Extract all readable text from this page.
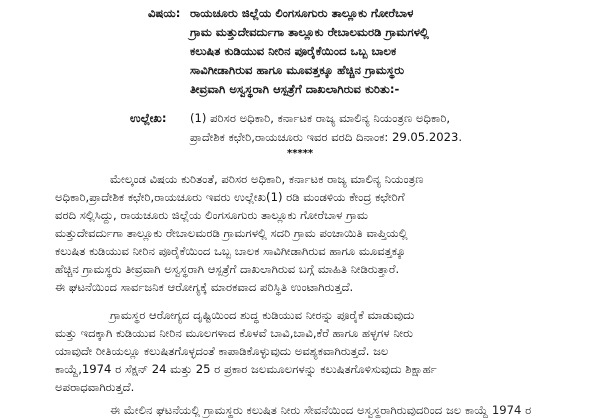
ವಿಷಯ: ರಾಯಚೂರು ಜಿಲ್ಲೆಯ ಲಿಂಗಸೂಗುರು ತಾಲ್ಲೂಕು ಗೋರೆಬಾಳ
ಗ್ರಾಮ ಮತ್ತುದೇವರ್ದುಗಾ ತಾಲ್ಲೂಕು ರೇಬಾಲಮರಡಿ ಗ್ರಾಮಗಳಲ್ಲಿ
ಕಲುಷಿತ ಕುಡಿಯುವ ನೀರಿನ ಪೂರೈಕೆಯಿಂದ ಒಬ್ಬ ಬಾಲಕ
ಸಾವಿಗೀಡಾಗಿರುವ ಹಾಗೂ ಮೂವತ್ತಕ್ಕೂ ಹೆಚ್ಚಿನ ಗ್ರಾಮಸ್ಥರು
ತೀವ್ರವಾಗಿ ಅಸ್ವಸ್ಥರಾಗಿ ಆಸ್ಪತ್ರೆಗೆ ದಾಖಲಾಗಿರುವ ಕುರಿತು:-
ಉಲ್ಲೇಖ: (1) ಪರಿಸರ ಅಧಿಕಾರಿ, ಕರ್ನಾಟಕ ರಾಜ್ಯ ಮಾಲಿನ್ಯ ನಿಯಂತ್ರಣ ಅಧಿಕಾರಿ,
ಪ್ರಾದೇಶಿಕ ಕಛೇರಿ,ರಾಯಚೂರು ಇವರ ವರದಿ ದಿನಾಂಕ: 29.05.2023.
*****
ಮೇಲ್ಕಂಡ ವಿಷಯ ಕುರಿತಂತೆ, ಪರಿಸರ ಅಧಿಕಾರಿ, ಕರ್ನಾಟಕ ರಾಜ್ಯ ಮಾಲಿನ್ಯ ನಿಯಂತ್ರಣ
ಅಧಿಕಾರಿ,ಪ್ರಾದೇಶಿಕ ಕಛೇರಿ,ರಾಯಚೂರು ಇವರು ಉಲ್ಲೇಖ(1) ರಡಿ ಮಂಡಳಿಯ ಕೇಂದ್ರ ಕಛೇರಿಗೆ
ವರದಿ ಸಲ್ಲಿಸಿದ್ದು, ರಾಯಚೂರು ಜಿಲ್ಲೆಯ ಲಿಂಗಸೂಗುರು ತಾಲ್ಲೂಕು ಗೋರೆಬಾಳ ಗ್ರಾಮ
ಮತ್ತುದೇವರ್ದುಗಾ ತಾಲ್ಲೂಕು ರೇಬಾಲಮರಡಿ ಗ್ರಾಮಗಳಲ್ಲಿ ಸದರಿ ಗ್ರಾಮ ಪಂಚಾಯಿತಿ ವಾಪ್ತಿಯಲ್ಲಿ
ಕಲುಷಿತ ಕುಡಿಯುವ ನೀರಿನ ಪೂರೈಕೆಯಿಂದ ಒಬ್ಬ ಬಾಲಕ ಸಾವಿಗೀಡಾಗಿರುವ ಹಾಗೂ ಮೂವತ್ತಕ್ಕೂ
ಹೆಚ್ಚಿನ ಗ್ರಾಮಸ್ಥರು ತೀವ್ರವಾಗಿ ಅಸ್ವಸ್ಥರಾಗಿ ಆಸ್ಪತ್ರೆಗೆ ದಾಖಲಾಗಿರುವ ಬಗ್ಗೆ ಮಾಹಿತಿ ನೀಡಿರುತ್ತಾರೆ.
ಈ ಘಟನೆಯಿಂದ ಸಾರ್ವಜನಿಕ ಆರೋಗ್ಯಕ್ಕೆ ಮಾರಕವಾದ ಪರಿಸ್ಥಿತಿ ಉಂಟಾಗಿರುತ್ತದೆ.
ಗ್ರಾಮಸ್ಥರ ಆರೋಗ್ಯದ ದೃಷ್ಟಿಯಿಂದ ಶುದ್ಧ ಕುಡಿಯುವ ನೀರನ್ನು ಪೂರೈಕೆ ಮಾಡುವುದು
ಮತ್ತು ಇದಕ್ಕಾಗಿ ಕುಡಿಯುವ ನೀರಿನ ಮೂಲಗಳಾದ ಕೊಳವೆ ಬಾವಿ,ಬಾವಿ,ಕೆರೆ ಹಾಗೂ ಹಳ್ಳಗಳ ನೀರು
ಯಾವುದೇ ರೀತಿಯಲ್ಲೂ ಕಲುಷಿತಗೊಳ್ಳದಂತೆ ಕಾಪಾಡಿಕೊಳ್ಳುವುದು ಅವಶ್ಯಕವಾಗಿರುತ್ತದೆ. ಜಲ
ಕಾಯ್ದೆ,1974 ರ ಸೆಕ್ಷನ್ 24 ಮತ್ತು 25 ರ ಪ್ರಕಾರ ಜಲಮೂಲಗಳನ್ನು ಕಲುಷಿತಗೊಳಿಸುವುದು ಶಿಕ್ಷಾರ್ಹ
ಅಪರಾಧವಾಗಿರುತ್ತದೆ.
ಈ ಮೇಲಿನ ಘಟನೆಯಲ್ಲಿ ಗ್ರಾಮಸ್ಥರು ಕಲುಷಿತ ನೀರು ಸೇವನೆಯಿಂದ ಅಸ್ವಸ್ಥರಾಗಿರುವುದರಿಂದ ಜಲ ಕಾಯ್ದೆ 1974 ರ
